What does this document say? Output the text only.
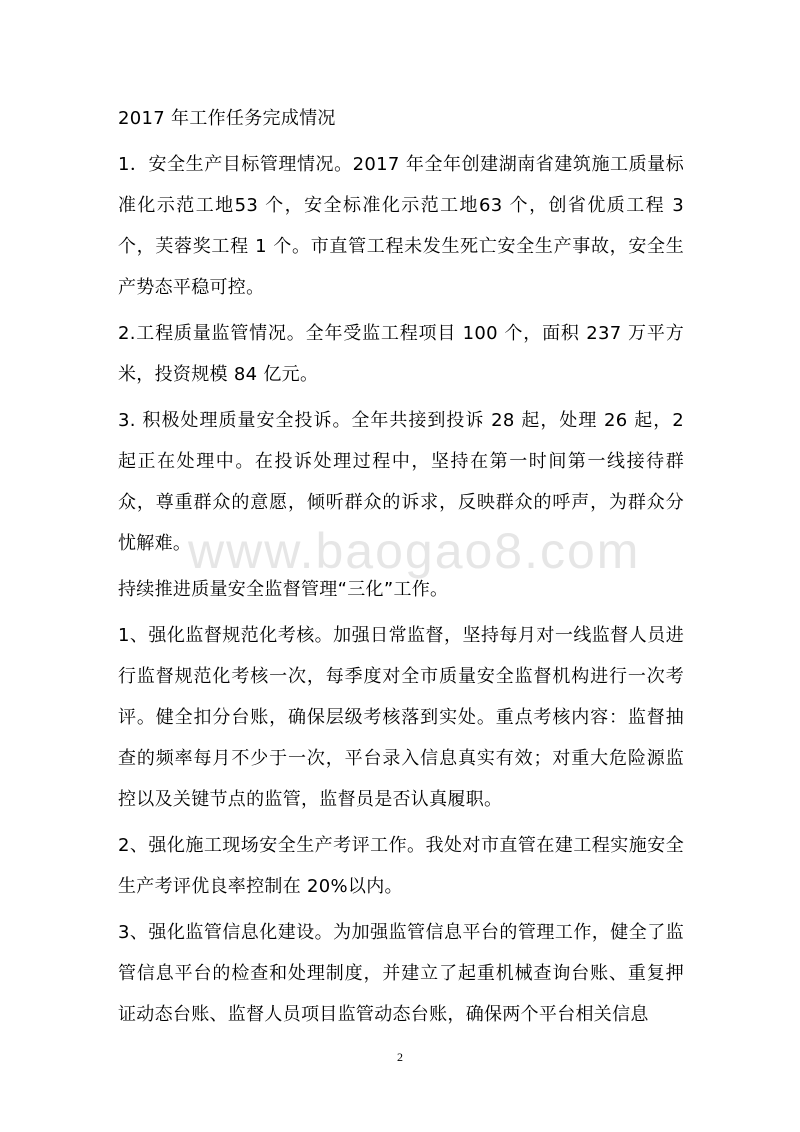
www.baogao8.com

2017 年工作任务完成情况

1．安全生产目标管理情况。2017 年全年创建湖南省建筑施工质量标准化示范工地53 个，安全标准化示范工地63 个，创省优质工程 3 个，芙蓉奖工程 1 个。市直管工程未发生死亡安全生产事故，安全生产势态平稳可控。

2.工程质量监管情况。全年受监工程项目 100 个，面积 237 万平方米，投资规模 84 亿元。

3. 积极处理质量安全投诉。全年共接到投诉 28 起，处理 26 起，2 起正在处理中。在投诉处理过程中，坚持在第一时间第一线接待群众，尊重群众的意愿，倾听群众的诉求，反映群众的呼声，为群众分忧解难。

持续推进质量安全监督管理“三化”工作。

1、强化监督规范化考核。加强日常监督，坚持每月对一线监督人员进行监督规范化考核一次，每季度对全市质量安全监督机构进行一次考评。健全扣分台账，确保层级考核落到实处。重点考核内容：监督抽查的频率每月不少于一次，平台录入信息真实有效；对重大危险源监控以及关键节点的监管，监督员是否认真履职。

2、强化施工现场安全生产考评工作。我处对市直管在建工程实施安全生产考评优良率控制在 20%以内。

3、强化监管信息化建设。为加强监管信息平台的管理工作，健全了监管信息平台的检查和处理制度，并建立了起重机械查询台账、重复押证动态台账、监督人员项目监管动态台账，确保两个平台相关信息

2
